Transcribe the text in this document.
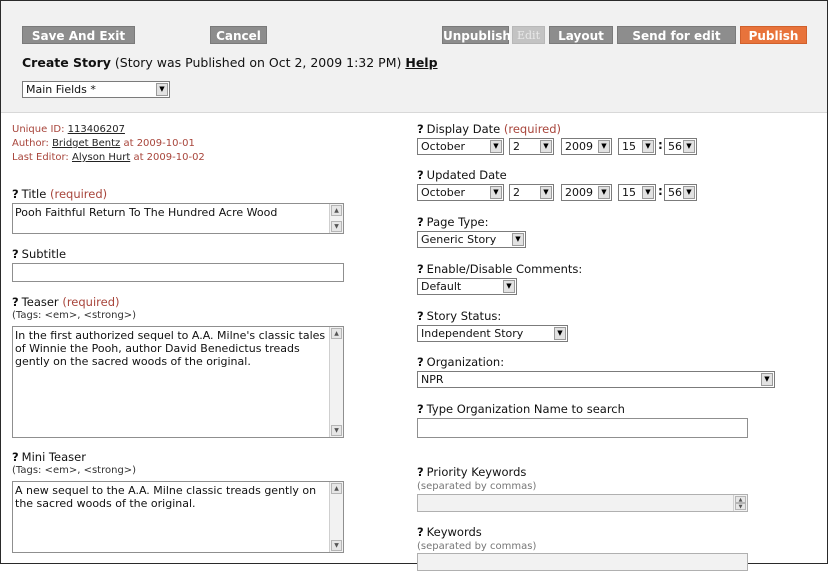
Save And Exit	Cancel	Unpublish Edit	Layout	Send for edit	Publish
Create Story (Story was Published on Oct 2, 2009 1:32 PM) Help
Main Fields *	▼
Unique ID: 113406207
Author: Bridget Bentz at 2009-10-01
Last Editor: Alyson Hurt at 2009-10-02
? Title (required)
Pooh Faithful Return To The Hundred Acre Wood	▲
▼
? Subtitle
? Teaser (required)
(Tags: <em>, <strong>)
In the first authorized sequel to A.A. Milne's classic tales of Winnie the Pooh, author David Benedictus treads gently on the sacred woods of the original.
▲
▼
? Mini Teaser
(Tags: <em>, <strong>)
A new sequel to the A.A. Milne classic treads gently on the sacred woods of the original.
▲
▼
? Display Date (required)
October	▼	2	▼	2009	▼	15	▼ : 56 ▼
? Updated Date
October	▼	2	▼	2009	▼	15	▼ : 56 ▼
? Page Type:
Generic Story	▼
? Enable/Disable Comments:
Default	▼
? Story Status:
Independent Story	▼
? Organization:
NPR	▼
? Type Organization Name to search
? Priority Keywords
(separated by commas)
▲
▼
? Keywords
(separated by commas)
